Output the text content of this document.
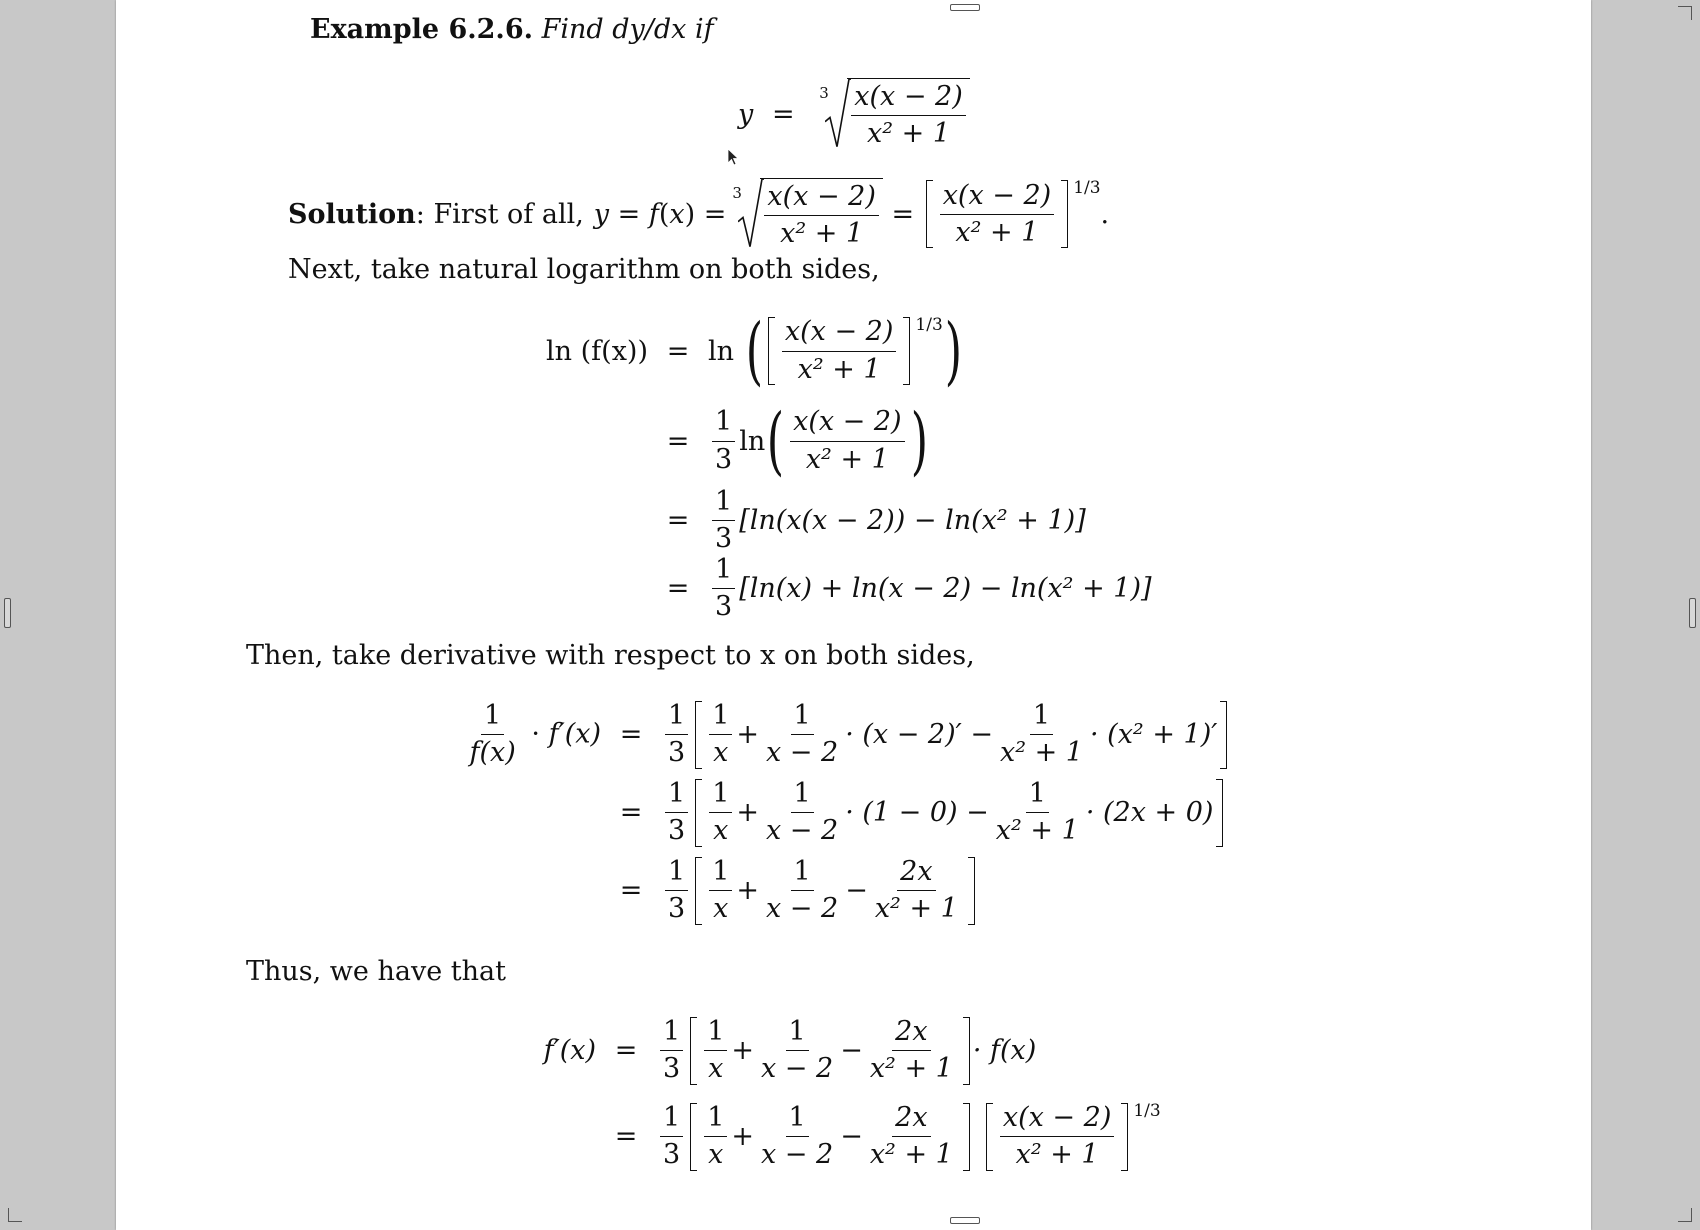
Example 6.2.6. Find dy/dx if
y =
$3 \frac{x(x - 2)}{\text{x² + 1}}$
Solution : First of all, y = f ( x ) =
$3 \frac{x(x - 2)}{\text{x² + 1}} = \frac{x(x - 2)}{\text{x² + 1}} 1/3$
.
Next, take natural logarithm on both sides,
ln (f(x)) = ln ( $\frac{x(x - 2)}{\text{x² + 1}} 1/3$ )
= $\frac{1}{3}$ ln ( $\frac{x(x - 2)}{\text{x² + 1}}$ )
= $\frac{1}{3} [\ln(x(x - 2)) - \ln(x^2 + 1)]$
= $\frac{1}{3} [\ln(x) + \ln(x - 2) - \ln(x^2 + 1)]$
Then, take derivative with respect to x on both sides,
$\frac{1}{f(x)} \cdot f'(x) = \frac{1}{3} \frac{1}{x} + \frac{1}{x - 2} \cdot (x - 2)' - \frac{1}{\text{x² + 1}} \cdot (x^2 + 1)'$
= $\frac{1}{3} \frac{1}{x} + \frac{1}{x - 2} \cdot (1 - 0) - \frac{1}{\text{x² + 1}} \cdot (2x + 0)$
= $\frac{1}{3} \frac{1}{x} + \frac{1}{x - 2} - \frac{2x}{\text{x² + 1}}$
Thus, we have that
$f'(x) = \frac{1}{3} \frac{1}{x} + \frac{1}{x - 2} - \frac{2x}{\text{x² + 1}} \cdot f(x)$
= $\frac{1}{3} \frac{1}{x} + \frac{1}{x - 2} - \frac{2x}{\text{x² + 1}} \frac{x(x - 2)}{\text{x² + 1}} 1/3$
